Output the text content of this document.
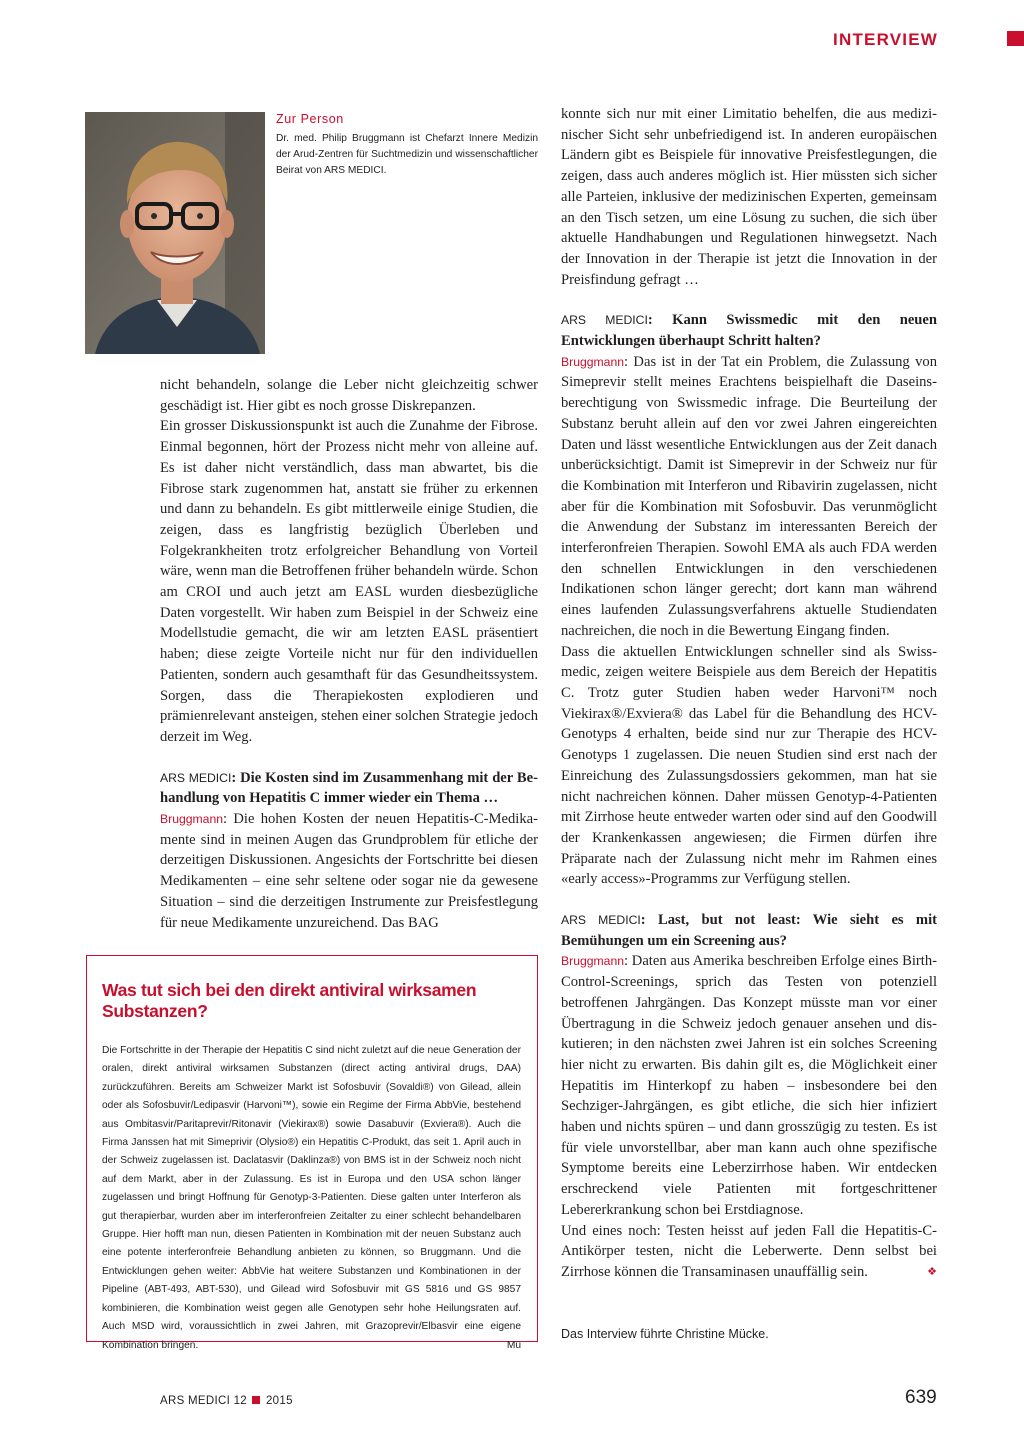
INTERVIEW
Zur Person
Dr. med. Philip Bruggmann ist Chefarzt Innere Medizin der Arud-Zentren für Suchtmedizin und wissenschaftlicher Beirat von ARS MEDICI.

nicht behandeln, solange die Leber nicht gleichzeitig schwer geschädigt ist. Hier gibt es noch grosse Diskrepanzen.

Ein grosser Diskussionspunkt ist auch die Zunahme der Fibrose. Einmal begonnen, hört der Prozess nicht mehr von alleine auf. Es ist daher nicht verständlich, dass man abwartet, bis die Fibrose stark zugenommen hat, anstatt sie früher zu erkennen und dann zu behandeln. Es gibt mittlerweile einige Studien, die zeigen, dass es langfristig bezüglich Überleben und Folgekrankheiten trotz erfolgreicher Behandlung von Vorteil wäre, wenn man die Betroffenen früher behandeln würde. Schon am CROI und auch jetzt am EASL wurden diesbezügliche Daten vorgestellt. Wir haben zum Beispiel in der Schweiz eine Modellstudie gemacht, die wir am letzten EASL präsentiert haben; diese zeigte Vorteile nicht nur für den individuellen Patienten, sondern auch gesamthaft für das Gesundheitssystem. Sorgen, dass die Therapiekosten explodieren und prämienrelevant ansteigen, stehen einer solchen Strategie jedoch derzeit im Weg.

ARS MEDICI: Die Kosten sind im Zusammenhang mit der Behandlung von Hepatitis C immer wieder ein Thema …

Bruggmann: Die hohen Kosten der neuen Hepatitis-C-Medikamente sind in meinen Augen das Grundproblem für etliche der derzeitigen Diskussionen. Angesichts der Fortschritte bei diesen Medikamenten – eine sehr seltene oder sogar nie da gewesene Situation – sind die derzeitigen Instrumente zur Preisfestlegung für neue Medikamente unzureichend. Das BAG

konnte sich nur mit einer Limitatio behelfen, die aus medizinischer Sicht sehr unbefriedigend ist. In anderen europäischen Ländern gibt es Beispiele für innovative Preisfestlegungen, die zeigen, dass auch anderes möglich ist. Hier müssten sich sicher alle Parteien, inklusive der medizinischen Experten, gemeinsam an den Tisch setzen, um eine Lösung zu suchen, die sich über aktuelle Handhabungen und Regulationen hinwegsetzt. Nach der Innovation in der Therapie ist jetzt die Innovation in der Preisfindung gefragt …

ARS MEDICI: Kann Swissmedic mit den neuen Entwicklungen überhaupt Schritt halten?

Bruggmann: Das ist in der Tat ein Problem, die Zulassung von Simeprevir stellt meines Erachtens beispielhaft die Daseinsberechtigung von Swissmedic infrage. Die Beurteilung der Substanz beruht allein auf den vor zwei Jahren eingereichten Daten und lässt wesentliche Entwicklungen aus der Zeit danach unberücksichtigt. Damit ist Simeprevir in der Schweiz nur für die Kombination mit Interferon und Ribavirin zugelassen, nicht aber für die Kombination mit Sofosbuvir. Das verunmöglicht die Anwendung der Substanz im interessanten Bereich der interferonfreien Therapien. Sowohl EMA als auch FDA werden den schnellen Entwicklungen in den verschiedenen Indikationen schon länger gerecht; dort kann man während eines laufenden Zulassungsverfahrens aktuelle Studiendaten nachreichen, die noch in die Bewertung Eingang finden.

Dass die aktuellen Entwicklungen schneller sind als Swissmedic, zeigen weitere Beispiele aus dem Bereich der Hepatitis C. Trotz guter Studien haben weder Harvoni™ noch Viekirax®/Exviera® das Label für die Behandlung des HCV-Genotyps 4 erhalten, beide sind nur zur Therapie des HCV-Genotyps 1 zugelassen. Die neuen Studien sind erst nach der Einreichung des Zulassungsdossiers gekommen, man hat sie nicht nachreichen können. Daher müssen Genotyp-4-Patienten mit Zirrhose heute entweder warten oder sind auf den Goodwill der Krankenkassen angewiesen; die Firmen dürfen ihre Präparate nach der Zulassung nicht mehr im Rahmen eines «early access»-Programms zur Verfügung stellen.

ARS MEDICI: Last, but not least: Wie sieht es mit Bemühungen um ein Screening aus?

Bruggmann: Daten aus Amerika beschreiben Erfolge eines Birth-Control-Screenings, sprich das Testen von potenziell betroffenen Jahrgängen. Das Konzept müsste man vor einer Übertragung in die Schweiz jedoch genauer ansehen und diskutieren; in den nächsten zwei Jahren ist ein solches Screening hier nicht zu erwarten. Bis dahin gilt es, die Möglichkeit einer Hepatitis im Hinterkopf zu haben – insbesondere bei den Sechziger-Jahrgängen, es gibt etliche, die sich hier infiziert haben und nichts spüren – und dann grosszügig zu testen. Es ist für viele unvorstellbar, aber man kann auch ohne spezifische Symptome bereits eine Leberzirrhose haben. Wir entdecken erschreckend viele Patienten mit fortgeschrittener Lebererkrankung schon bei Erstdiagnose.

Und eines noch: Testen heisst auf jeden Fall die Hepatitis-C-Antikörper testen, nicht die Leberwerte. Denn selbst bei Zirrhose können die Transaminasen unauffällig sein.	❖

Was tut sich bei den direkt antiviral wirksamen Substanzen?
Die Fortschritte in der Therapie der Hepatitis C sind nicht zuletzt auf die neue Generation der oralen, direkt antiviral wirksamen Substanzen (direct acting antiviral drugs, DAA) zurückzuführen. Bereits am Schweizer Markt ist Sofosbuvir (Sovaldi®) von Gilead, allein oder als Sofosbuvir/Ledipasvir (Harvoni™), sowie ein Regime der Firma AbbVie, bestehend aus Ombitasvir/Paritaprevir/Ritonavir (Viekirax®) sowie Dasabuvir (Exviera®). Auch die Firma Janssen hat mit Simeprivir (Olysio®) ein Hepatitis C-Produkt, das seit 1. April auch in der Schweiz zugelassen ist. Daclatasvir (Daklinza®) von BMS ist in der Schweiz noch nicht auf dem Markt, aber in der Zulassung. Es ist in Europa und den USA schon länger zugelassen und bringt Hoffnung für Genotyp-3-Patienten. Diese galten unter Interferon als gut therapierbar, wurden aber im interferonfreien Zeitalter zu einer schlecht behandelbaren Gruppe. Hier hofft man nun, diesen Patienten in Kombination mit der neuen Substanz auch eine potente interferonfreie Behandlung anbieten zu können, so Bruggmann. Und die Entwicklungen gehen weiter: AbbVie hat weitere Substanzen und Kombinationen in der Pipeline (ABT-493, ABT-530), und Gilead wird Sofosbuvir mit GS 5816 und GS 9857 kombinieren, die Kombination weist gegen alle Genotypen sehr hohe Heilungsraten auf. Auch MSD wird, voraussichtlich in zwei Jahren, mit Grazoprevir/Elbasvir eine eigene Kombination bringen.	Mü
Das Interview führte Christine Mücke.
ARS MEDICI 12 2015	639
